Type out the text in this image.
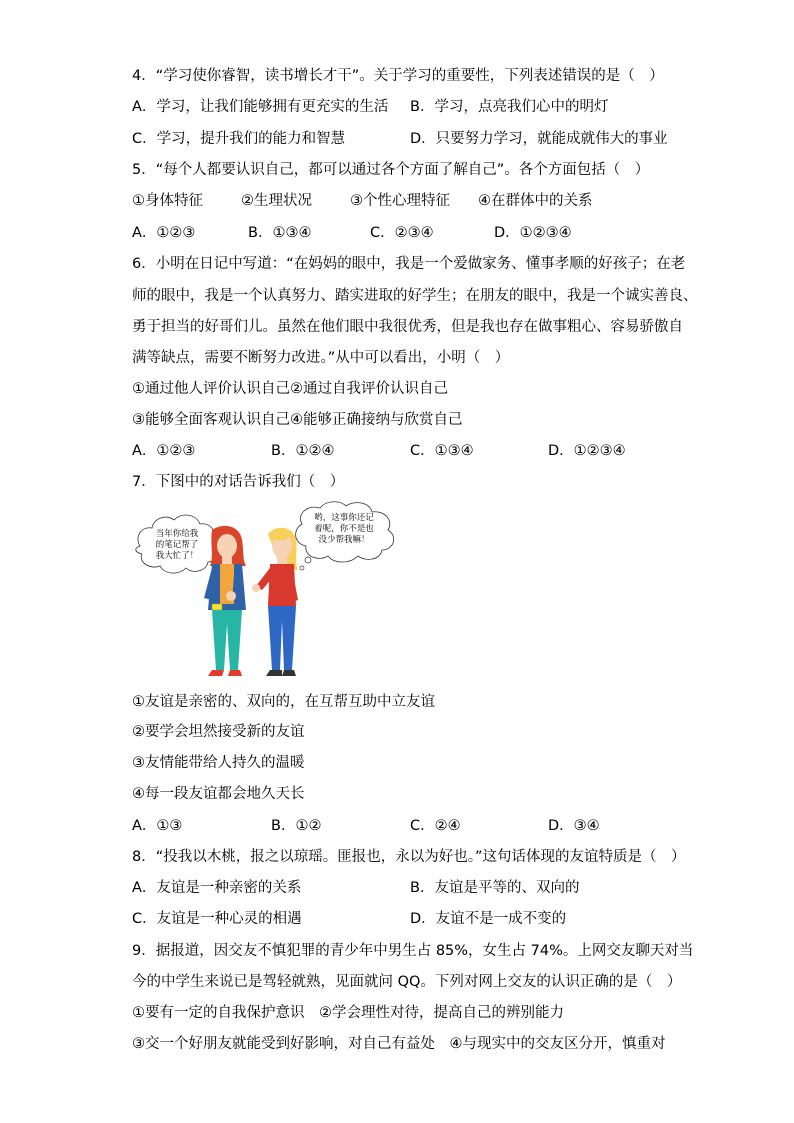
4．“学习使你睿智，读书增长才干”。关于学习的重要性，下列表述错误的是（　）
A．学习，让我们能够拥有更充实的生活 B．学习，点亮我们心中的明灯
C．学习，提升我们的能力和智慧	D．只要努力学习，就能成就伟大的事业
5．“每个人都要认识自己，都可以通过各个方面了解自己”。各个方面包括（　）
①身体特征	②生理状况	③个性心理特征 ④在群体中的关系
A．①②③	B．①③④	C．②③④	D．①②③④
6．小明在日记中写道：“在妈妈的眼中，我是一个爱做家务、懂事孝顺的好孩子；在老
师的眼中，我是一个认真努力、踏实进取的好学生；在朋友的眼中，我是一个诚实善良、
勇于担当的好哥们儿。虽然在他们眼中我很优秀，但是我也存在做事粗心、容易骄傲自
满等缺点，需要不断努力改进。”从中可以看出，小明（　）
①通过他人评价认识自己②通过自我评价认识自己
③能够全面客观认识自己④能够正确接纳与欣赏自己
A．①②③	B．①②④	C．①③④	D．①②③④
7．下图中的对话告诉我们（　）
当年你给我
的笔记帮了
我大忙了！
哟，这事你还记
着呢，你不是也
没少帮我嘛！
①友谊是亲密的、双向的，在互帮互助中立友谊
②要学会坦然接受新的友谊
③友情能带给人持久的温暖
④每一段友谊都会地久天长
A．①③	B．①②	C．②④	D．③④
8．“投我以木桃，报之以琼瑶。匪报也，永以为好也。”这句话体现的友谊特质是（　）
A．友谊是一种亲密的关系	B．友谊是平等的、双向的
C．友谊是一种心灵的相遇	D．友谊不是一成不变的
9．据报道，因交友不慎犯罪的青少年中男生占 85%，女生占 74%。上网交友聊天对当
今的中学生来说已是驾轻就熟，见面就问 QQ。下列对网上交友的认识正确的是（　）
①要有一定的自我保护意识　②学会理性对待，提高自己的辨别能力
③交一个好朋友就能受到好影响，对自己有益处　④与现实中的交友区分开，慎重对
